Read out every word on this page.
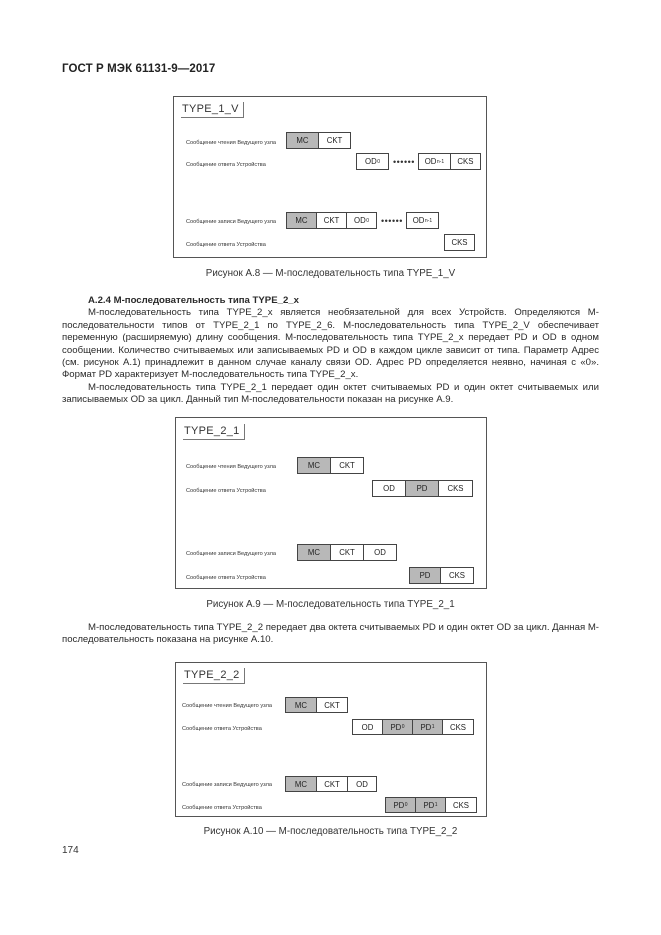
ГОСТ Р МЭК 61131-9—2017
TYPE_1_V
Сообщение чтения Ведущего узла	MC	CKT
Сообщение ответа Устройства	OD 0	••••••	OD n-1	CKS
Сообщение записи Ведущего узла	MC	CKT	OD 0	••••••	OD n-1
Сообщение ответа Устройства	CKS
Рисунок А.8 — М-последовательность типа TYPE_1_V

А.2.4 М-последовательность типа TYPE_2_x

М-последовательность типа TYPE_2_x является необязательной для всех Устройств. Определяются М-последовательности типов от TYPE_2_1 по TYPE_2_6. М-последовательность типа TYPE_2_V обеспечивает переменную (расширяемую) длину сообщения. М-последовательность типа TYPE_2_x передает PD и OD в одном сообщении. Количество считываемых или записываемых PD и OD в каждом цикле зависит от типа. Параметр Адрес (см. рисунок А.1) принадлежит в данном случае каналу связи OD. Адрес PD определяется неявно, начиная с «0». Формат PD характеризует М-последовательность типа TYPE_2_x.

М-последовательность типа TYPE_2_1 передает один октет считываемых PD и один октет считываемых или записываемых OD за цикл. Данный тип М-последовательности показан на рисунке А.9.

TYPE_2_1
Сообщение чтения Ведущего узла	MC	CKT
Сообщение ответа Устройства	OD	PD	CKS
Сообщение записи Ведущего узла	MC	CKT	OD
Сообщение ответа Устройства	PD	CKS
Рисунок А.9 — М-последовательность типа TYPE_2_1

М-последовательность типа TYPE_2_2 передает два октета считываемых PD и один октет OD за цикл. Данная М-последовательность показана на рисунке А.10.

TYPE_2_2
Сообщение чтения Ведущего узла	MC	CKT
Сообщение ответа Устройства	OD	PD 0 PD 1	CKS
Сообщение записи Ведущего узла	MC	CKT	OD
Сообщение ответа Устройства	PD 0 PD 1	CKS
Рисунок А.10 — М-последовательность типа TYPE_2_2
174
